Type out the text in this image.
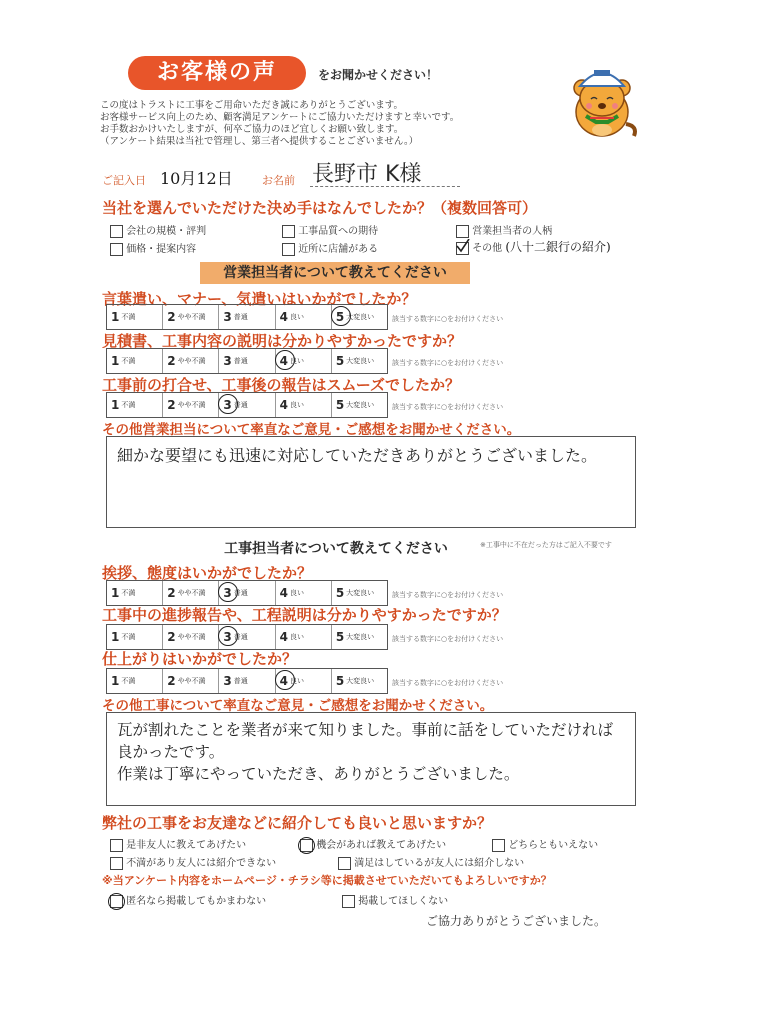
お客様の声	をお聞かせください！
この度はトラストに工事をご用命いただき誠にありがとうございます。
お客様サービス向上のため、顧客満足アンケートにご協力いただけますと幸いです。
お手数おかけいたしますが、何卒ご協力のほど宜しくお願い致します。
（アンケート結果は当社で管理し、第三者へ提供することございません。）
ご記入日 10月12日	お名前 長野市 K様
当社を選んでいただけた決め手はなんでしたか？（複数回答可）
会社の規模・評判	工事品質への期待	営業担当者の人柄
価格・提案内容	近所に店舗がある	その他 (八十二銀行の紹介)
営業担当者について教えてください
言葉遣い、マナー、気遣いはいかがでしたか？
1 不満	2 やや不満 3 普通	4 良い	5 大変良い	該当する数字に○をお付けください
見積書、工事内容の説明は分かりやすかったですか？
1 不満	2 やや不満 3 普通	4 良い	5 大変良い	該当する数字に○をお付けください
工事前の打合せ、工事後の報告はスムーズでしたか？
1 不満	2 やや不満 3 普通	4 良い	5 大変良い	該当する数字に○をお付けください
その他営業担当について率直なご意見・ご感想をお聞かせください。
細かな要望にも迅速に対応していただきありがとうございました。
工事担当者について教えてください	※工事中に不在だった方はご記入不要です
挨拶、態度はいかがでしたか？
1 不満	2 やや不満 3 普通	4 良い	5 大変良い	該当する数字に○をお付けください
工事中の進捗報告や、工程説明は分かりやすかったですか？
1 不満	2 やや不満 3 普通	4 良い	5 大変良い	該当する数字に○をお付けください
仕上がりはいかがでしたか？
1 不満	2 やや不満 3 普通	4 良い	5 大変良い	該当する数字に○をお付けください
その他工事について率直なご意見・ご感想をお聞かせください。
瓦が割れたことを業者が来て知りました。事前に話をしていただければ良かったです。
作業は丁寧にやっていただき、ありがとうございました。
弊社の工事をお友達などに紹介しても良いと思いますか？
是非友人に教えてあげたい	機会があれば教えてあげたい	どちらともいえない
不満があり友人には紹介できない	満足はしているが友人には紹介しない
※当アンケート内容をホームページ・チラシ等に掲載させていただいてもよろしいですか？
匿名なら掲載してもかまわない	掲載してほしくない
ご協力ありがとうございました。
